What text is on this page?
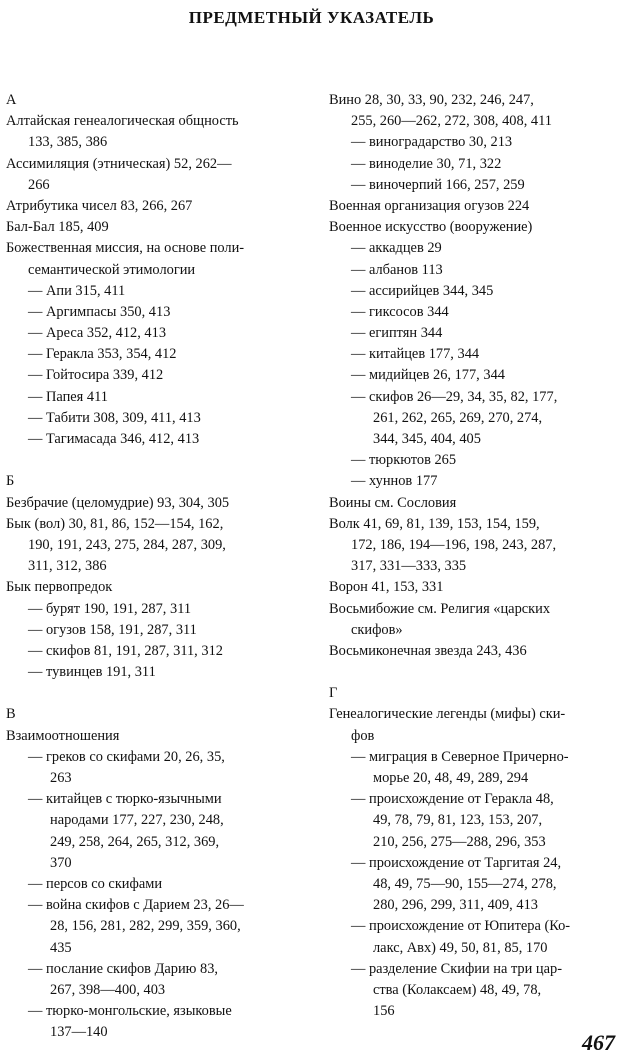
ПРЕДМЕТНЫЙ УКАЗАТЕЛЬ
А
Алтайская генеалогическая общность
133, 385, 386
Ассимиляция (этническая) 52, 262—
266
Атрибутика чисел 83, 266, 267
Бал-Бал 185, 409
Божественная миссия, на основе поли-
семантической этимологии
— Апи 315, 411
— Аргимпасы 350, 413
— Ареса 352, 412, 413
— Геракла 353, 354, 412
— Гойтосира 339, 412
— Папея 411
— Табити 308, 309, 411, 413
— Тагимасада 346, 412, 413
Б
Безбрачие (целомудрие) 93, 304, 305
Бык (вол) 30, 81, 86, 152—154, 162,
190, 191, 243, 275, 284, 287, 309,
311, 312, 386
Бык первопредок
— бурят 190, 191, 287, 311
— огузов 158, 191, 287, 311
— скифов 81, 191, 287, 311, 312
— тувинцев 191, 311
В
Взаимоотношения
— греков со скифами 20, 26, 35,
263
— китайцев с тюрко-язычными
народами 177, 227, 230, 248,
249, 258, 264, 265, 312, 369,
370
— персов со скифами
— война скифов с Дарием 23, 26—
28, 156, 281, 282, 299, 359, 360,
435
— послание скифов Дарию 83,
267, 398—400, 403
— тюрко-монгольские, языковые
137—140
Вино 28, 30, 33, 90, 232, 246, 247,
255, 260—262, 272, 308, 408, 411
— виноградарство 30, 213
— виноделие 30, 71, 322
— виночерпий 166, 257, 259
Военная организация огузов 224
Военное искусство (вооружение)
— аккадцев 29
— албанов 113
— ассирийцев 344, 345
— гиксосов 344
— египтян 344
— китайцев 177, 344
— мидийцев 26, 177, 344
— скифов 26—29, 34, 35, 82, 177,
261, 262, 265, 269, 270, 274,
344, 345, 404, 405
— тюркютов 265
— хуннов 177
Воины см. Сословия
Волк 41, 69, 81, 139, 153, 154, 159,
172, 186, 194—196, 198, 243, 287,
317, 331—333, 335
Ворон 41, 153, 331
Восьмибожие см. Религия «царских
скифов»
Восьмиконечная звезда 243, 436
Г
Генеалогические легенды (мифы) ски-
фов
— миграция в Северное Причерно-
морье 20, 48, 49, 289, 294
— происхождение от Геракла 48,
49, 78, 79, 81, 123, 153, 207,
210, 256, 275—288, 296, 353
— происхождение от Таргитая 24,
48, 49, 75—90, 155—274, 278,
280, 296, 299, 311, 409, 413
— происхождение от Юпитера (Ко-
лакс, Авх) 49, 50, 81, 85, 170
— разделение Скифии на три цар-
ства (Колаксаем) 48, 49, 78,
156
467
